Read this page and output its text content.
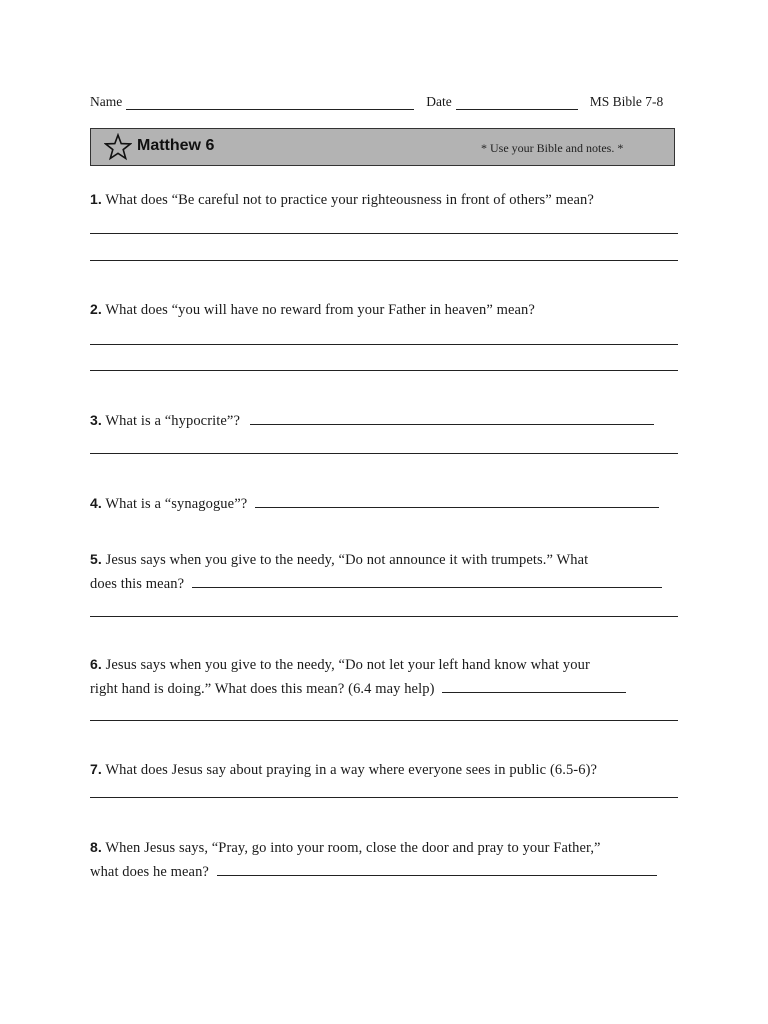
Name	Date	MS Bible 7-8
Matthew 6	* Use your Bible and notes. *
1. What does “Be careful not to practice your righteousness in front of others” mean?
2. What does “you will have no reward from your Father in heaven” mean?
3. What is a “hypocrite”?
4. What is a “synagogue”?
5. Jesus says when you give to the needy, “Do not announce it with trumpets.” What
does this mean?
6. Jesus says when you give to the needy, “Do not let your left hand know what your
right hand is doing.” What does this mean? (6.4 may help)
7. What does Jesus say about praying in a way where everyone sees in public (6.5-6)?
8. When Jesus says, “Pray, go into your room, close the door and pray to your Father,”
what does he mean?
